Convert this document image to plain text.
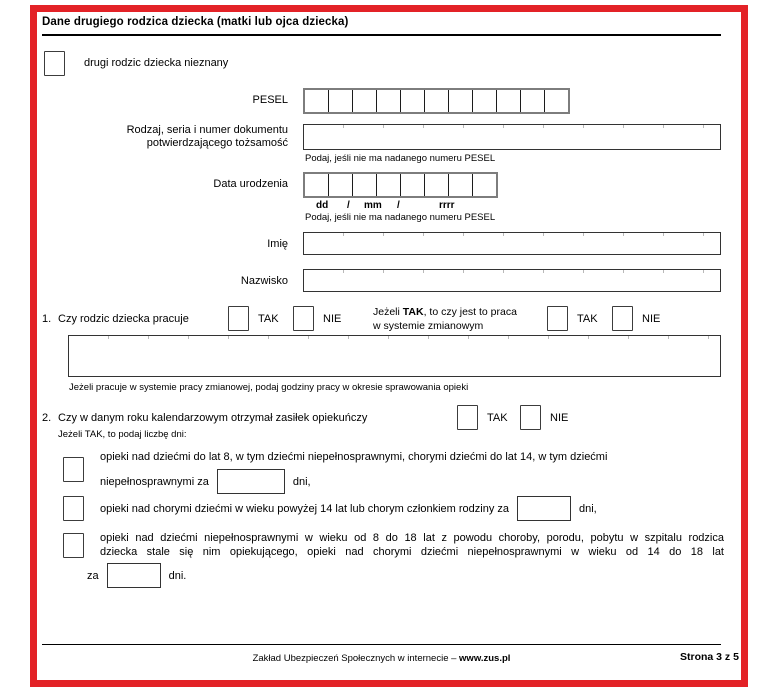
Dane drugiego rodzica dziecka (matki lub ojca dziecka)
drugi rodzic dziecka nieznany
PESEL
Rodzaj, seria i numer dokumentu
potwierdzającego tożsamość
Podaj, jeśli nie ma nadanego numeru PESEL
Data urodzenia
dd / mm /	rrrr
Podaj, jeśli nie ma nadanego numeru PESEL
Imię
Nazwisko
1. Czy rodzic dziecka pracuje	TAK	NIE
Jeżeli TAK, to czy jest to praca
w systemie zmianowym
TAK	NIE
Jeżeli pracuje w systemie pracy zmianowej, podaj godziny pracy w okresie sprawowania opieki
2. Czy w danym roku kalendarzowym otrzymał zasiłek opiekuńczy	TAK	NIE
Jeżeli TAK, to podaj liczbę dni:
opieki nad dziećmi do lat 8, w tym dziećmi niepełnosprawnymi, chorymi dziećmi do lat 14, w tym dziećmi
niepełnosprawnymi za	dni,
opieki nad chorymi dziećmi w wieku powyżej 14 lat lub chorym członkiem rodziny za	dni,
opieki nad dziećmi niepełnosprawnymi w wieku od 8 do 18 lat z powodu choroby, porodu, pobytu w szpitalu rodzica
dziecka stale się nim opiekującego, opieki nad chorymi dziećmi niepełnosprawnymi w wieku od 14 do 18 lat
za	dni.
Zakład Ubezpieczeń Społecznych w internecie – www.zus.pl	Strona 3 z 5
